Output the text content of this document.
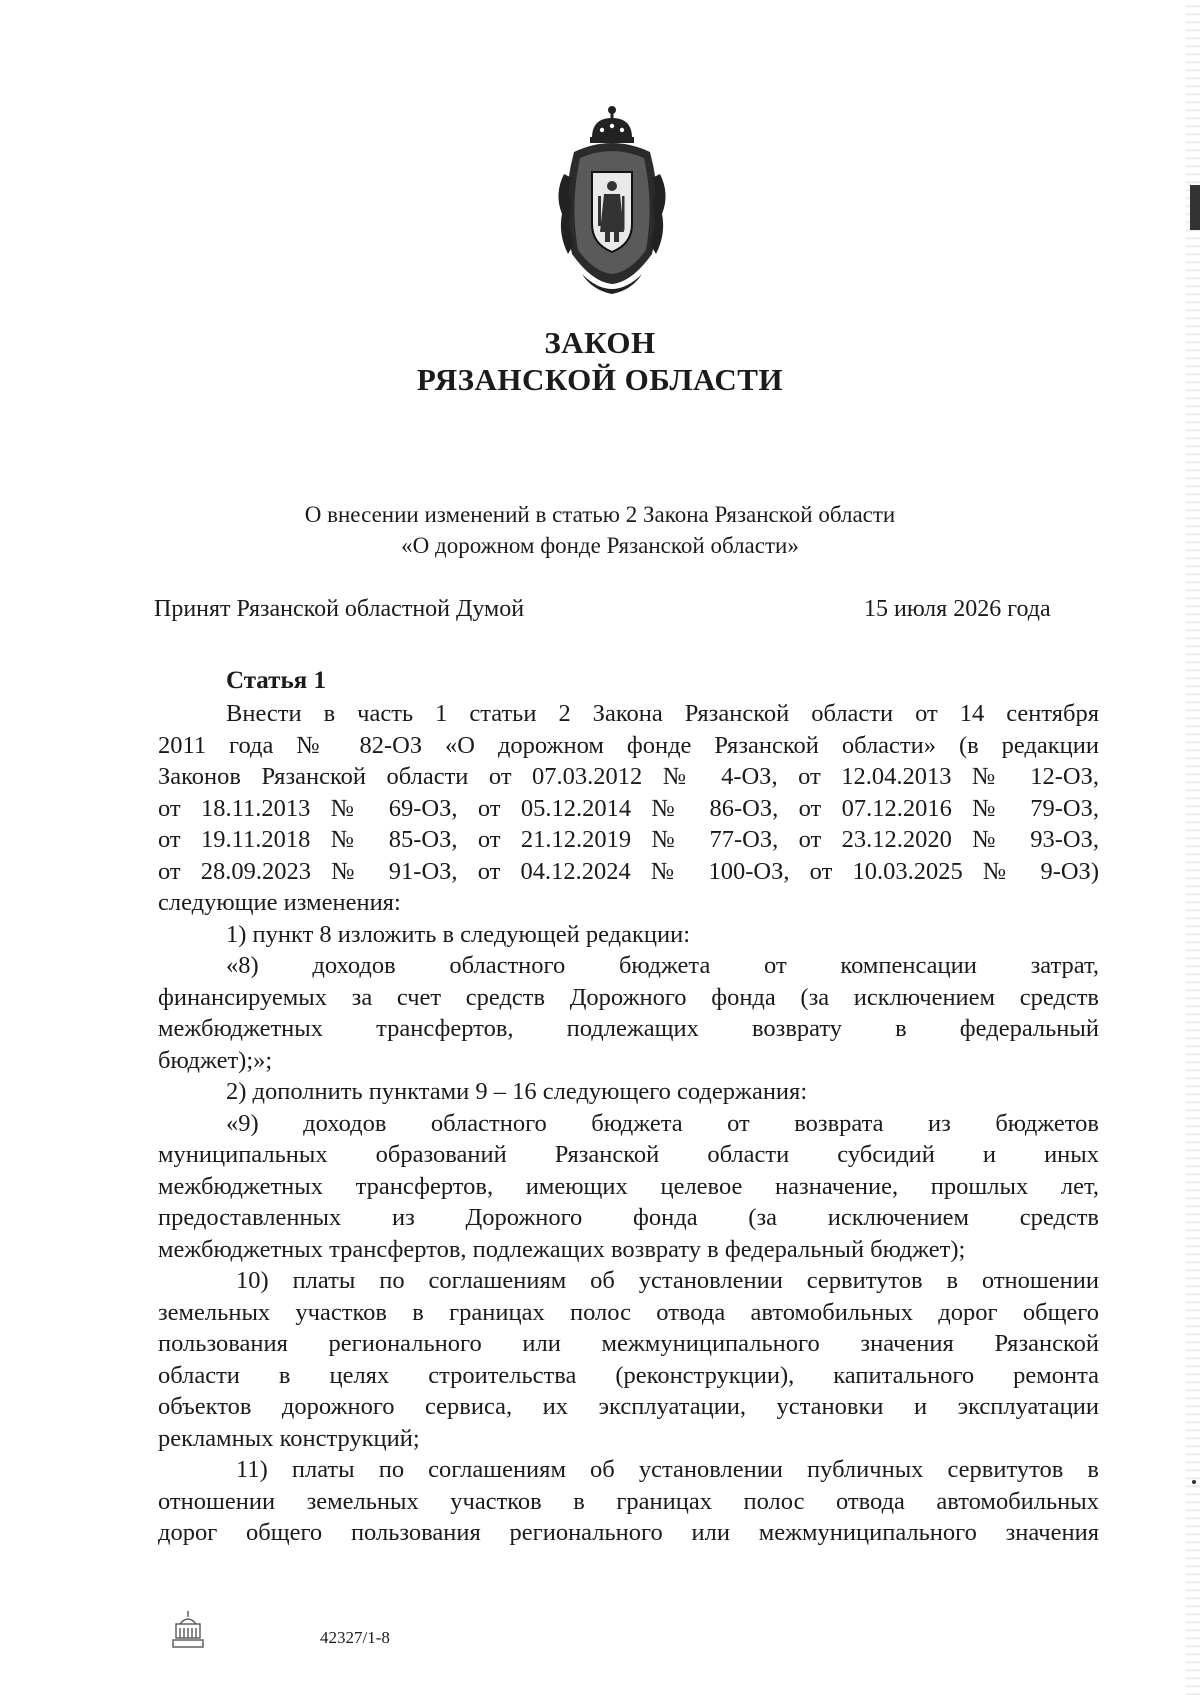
ЗАКОН
РЯЗАНСКОЙ ОБЛАСТИ
О внесении изменений в статью 2 Закона Рязанской области
«О дорожном фонде Рязанской области»
Принят Рязанской областной Думой	15 июля 2026 года
Статья 1

Внести в часть 1 статьи 2 Закона Рязанской области от 14 сентября

2011 года № 82-ОЗ «О дорожном фонде Рязанской области» (в редакции

Законов Рязанской области от 07.03.2012 № 4-ОЗ, от 12.04.2013 № 12-ОЗ,

от 18.11.2013 № 69-ОЗ, от 05.12.2014 № 86-ОЗ, от 07.12.2016 № 79-ОЗ,

от 19.11.2018 № 85-ОЗ, от 21.12.2019 № 77-ОЗ, от 23.12.2020 № 93-ОЗ,

от 28.09.2023 № 91-ОЗ, от 04.12.2024 № 100-ОЗ, от 10.03.2025 № 9-ОЗ)

следующие изменения:

1) пункт 8 изложить в следующей редакции:

«8) доходов областного бюджета от компенсации затрат,

финансируемых за счет средств Дорожного фонда (за исключением средств

межбюджетных трансфертов, подлежащих возврату в федеральный

бюджет);»;

2) дополнить пунктами 9 – 16 следующего содержания:

«9) доходов областного бюджета от возврата из бюджетов

муниципальных образований Рязанской области субсидий и иных

межбюджетных трансфертов, имеющих целевое назначение, прошлых лет,

предоставленных из Дорожного фонда (за исключением средств

межбюджетных трансфертов, подлежащих возврату в федеральный бюджет);

10) платы по соглашениям об установлении сервитутов в отношении

земельных участков в границах полос отвода автомобильных дорог общего

пользования регионального или межмуниципального значения Рязанской

области в целях строительства (реконструкции), капитального ремонта

объектов дорожного сервиса, их эксплуатации, установки и эксплуатации

рекламных конструкций;

11) платы по соглашениям об установлении публичных сервитутов в

отношении земельных участков в границах полос отвода автомобильных

дорог общего пользования регионального или межмуниципального значения

42327/1-8
